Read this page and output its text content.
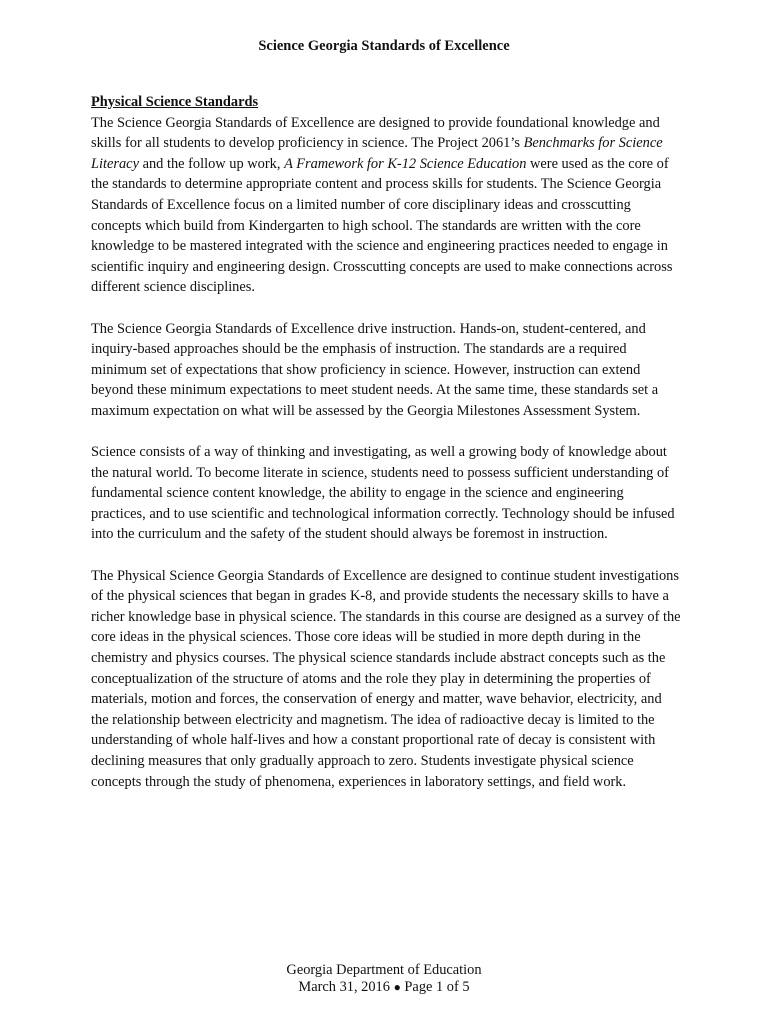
Science Georgia Standards of Excellence
Physical Science Standards

The Science Georgia Standards of Excellence are designed to provide foundational knowledge and skills for all students to develop proficiency in science. The Project 2061’s Benchmarks for Science Literacy and the follow up work, A Framework for K-12 Science Education were used as the core of the standards to determine appropriate content and process skills for students. The Science Georgia Standards of Excellence focus on a limited number of core disciplinary ideas and crosscutting concepts which build from Kindergarten to high school. The standards are written with the core knowledge to be mastered integrated with the science and engineering practices needed to engage in scientific inquiry and engineering design. Crosscutting concepts are used to make connections across different science disciplines.

The Science Georgia Standards of Excellence drive instruction. Hands-on, student-centered, and inquiry-based approaches should be the emphasis of instruction. The standards are a required minimum set of expectations that show proficiency in science. However, instruction can extend beyond these minimum expectations to meet student needs. At the same time, these standards set a maximum expectation on what will be assessed by the Georgia Milestones Assessment System.

Science consists of a way of thinking and investigating, as well a growing body of knowledge about the natural world. To become literate in science, students need to possess sufficient understanding of fundamental science content knowledge, the ability to engage in the science and engineering practices, and to use scientific and technological information correctly. Technology should be infused into the curriculum and the safety of the student should always be foremost in instruction.

The Physical Science Georgia Standards of Excellence are designed to continue student investigations of the physical sciences that began in grades K-8, and provide students the necessary skills to have a richer knowledge base in physical science. The standards in this course are designed as a survey of the core ideas in the physical sciences. Those core ideas will be studied in more depth during in the chemistry and physics courses. The physical science standards include abstract concepts such as the conceptualization of the structure of atoms and the role they play in determining the properties of materials, motion and forces, the conservation of energy and matter, wave behavior, electricity, and the relationship between electricity and magnetism. The idea of radioactive decay is limited to the understanding of whole half-lives and how a constant proportional rate of decay is consistent with declining measures that only gradually approach to zero. Students investigate physical science concepts through the study of phenomena, experiences in laboratory settings, and field work.

Georgia Department of Education
March 31, 2016 ● Page 1 of 5
